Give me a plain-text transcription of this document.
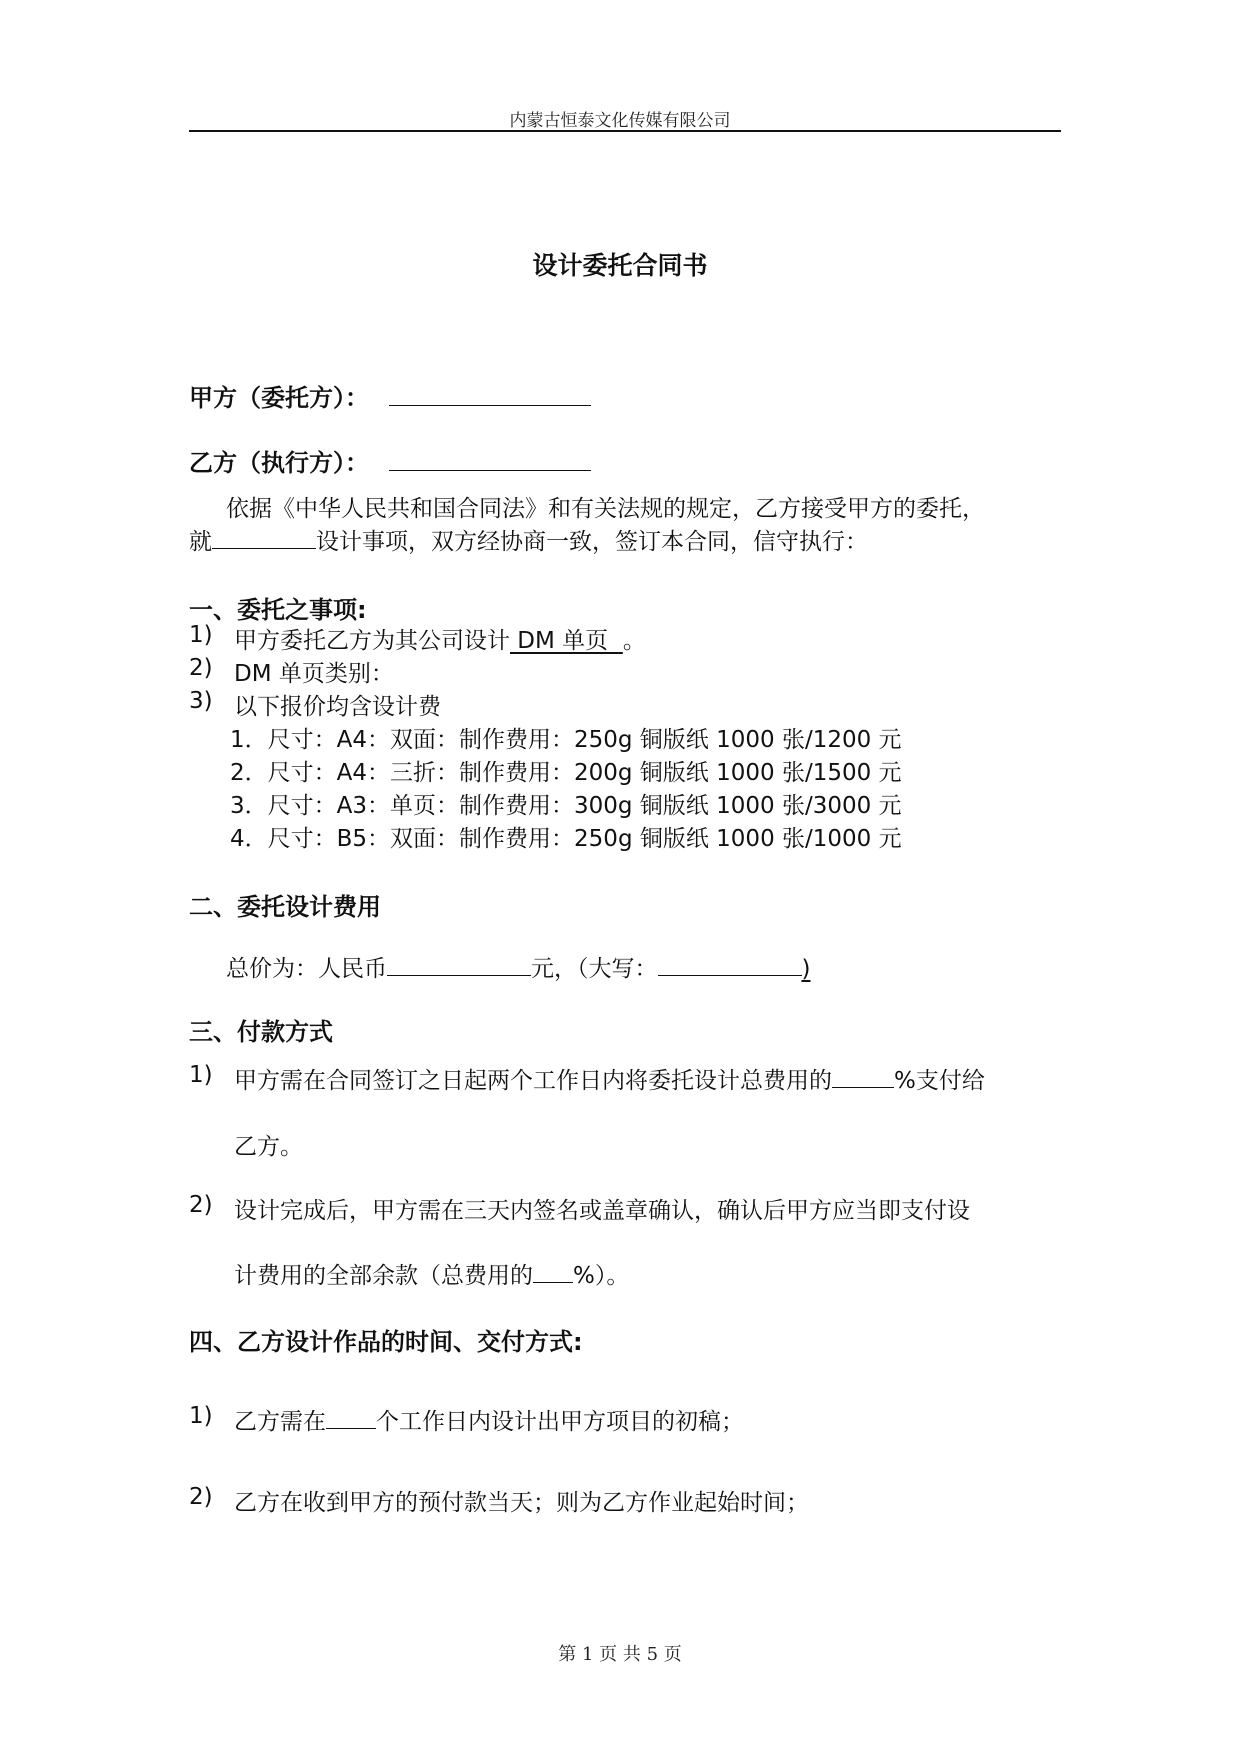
内蒙古恒泰文化传媒有限公司
设计委托合同书
甲方（委托方）：
乙方（执行方）：
依据《中华人民共和国合同法》和有关法规的规定，乙方接受甲方的委托，
就	设计事项，双方经协商一致，签订本合同，信守执行：
一、委托之事项:
1) 甲方委托乙方为其公司设计 DM 单页  。
2) DM 单页类别：
3) 以下报价均含设计费
1．尺寸：A4：双面：制作费用：250g 铜版纸 1000 张/1200 元
2．尺寸：A4：三折：制作费用：200g 铜版纸 1000 张/1500 元
3．尺寸：A3：单页：制作费用：300g 铜版纸 1000 张/3000 元
4．尺寸：B5：双面：制作费用：250g 铜版纸 1000 张/1000 元
二、委托设计费用
总价为：人民币	元，（大写：	)
三、付款方式
1) 甲方需在合同签订之日起两个工作日内将委托设计总费用的	%支付给
乙方。
2) 设计完成后，甲方需在三天内签名或盖章确认，确认后甲方应当即支付设
计费用的全部余款（总费用的 %）。
四、乙方设计作品的时间、交付方式:
1) 乙方需在 个工作日内设计出甲方项目的初稿；
2) 乙方在收到甲方的预付款当天；则为乙方作业起始时间；
第 1 页 共 5 页
